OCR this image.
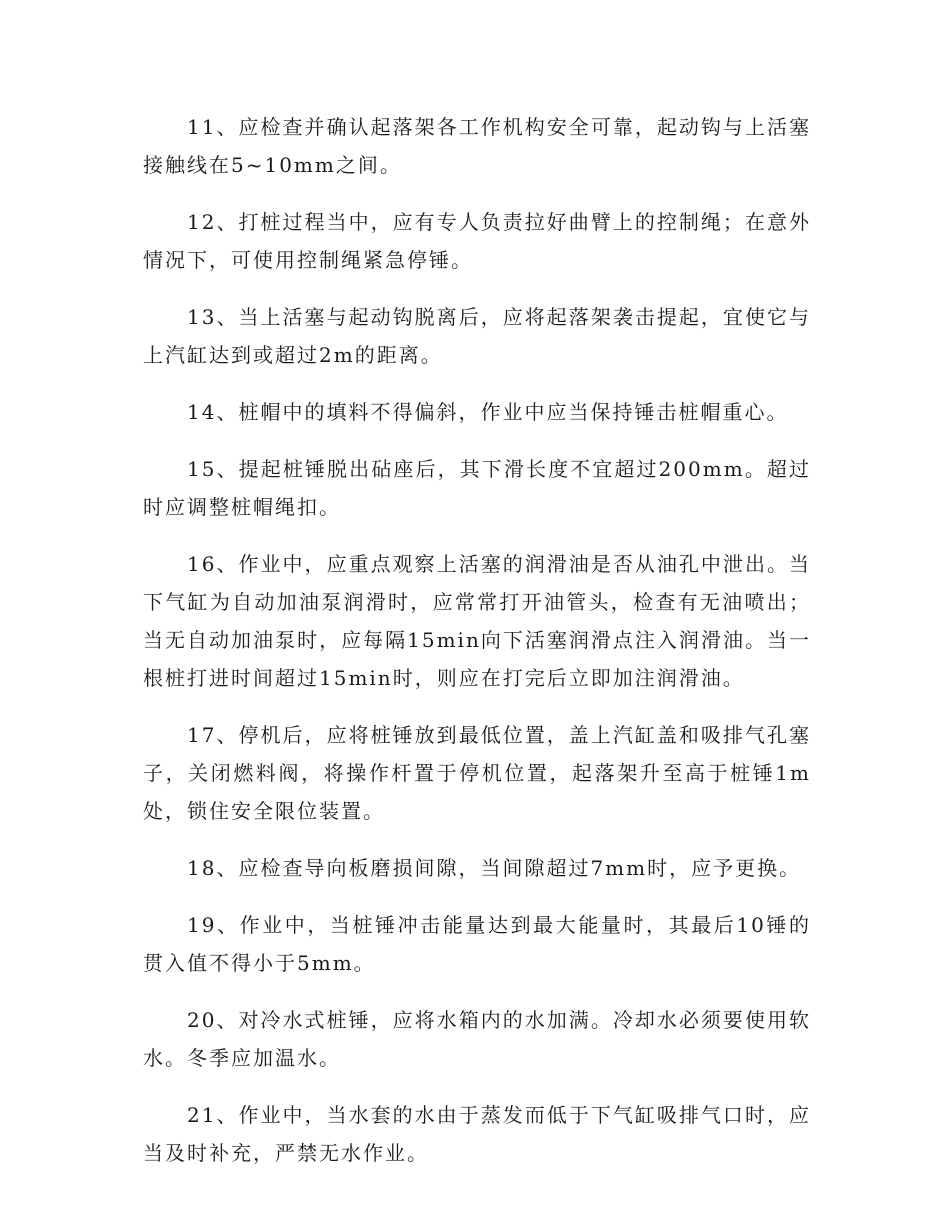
11、应检查并确认起落架各工作机构安全可靠，起动钩与上活塞接触线在5~10mm之间。

12、打桩过程当中，应有专人负责拉好曲臂上的控制绳；在意外情况下，可使用控制绳紧急停锤。

13、当上活塞与起动钩脱离后，应将起落架袭击提起，宜使它与上汽缸达到或超过2m的距离。

14、桩帽中的填料不得偏斜，作业中应当保持锤击桩帽重心。

15、提起桩锤脱出砧座后，其下滑长度不宜超过200mm。超过时应调整桩帽绳扣。

16、作业中，应重点观察上活塞的润滑油是否从油孔中泄出。当下气缸为自动加油泵润滑时，应常常打开油管头，检查有无油喷出；当无自动加油泵时，应每隔15min向下活塞润滑点注入润滑油。当一根桩打进时间超过15min时，则应在打完后立即加注润滑油。

17、停机后，应将桩锤放到最低位置，盖上汽缸盖和吸排气孔塞子，关闭燃料阀，将操作杆置于停机位置，起落架升至高于桩锤1m处，锁住安全限位装置。

18、应检查导向板磨损间隙，当间隙超过7mm时，应予更换。

19、作业中，当桩锤冲击能量达到最大能量时，其最后10锤的贯入值不得小于5mm。

20、对冷水式桩锤，应将水箱内的水加满。冷却水必须要使用软水。冬季应加温水。

21、作业中，当水套的水由于蒸发而低于下气缸吸排气口时，应当及时补充，严禁无水作业。
